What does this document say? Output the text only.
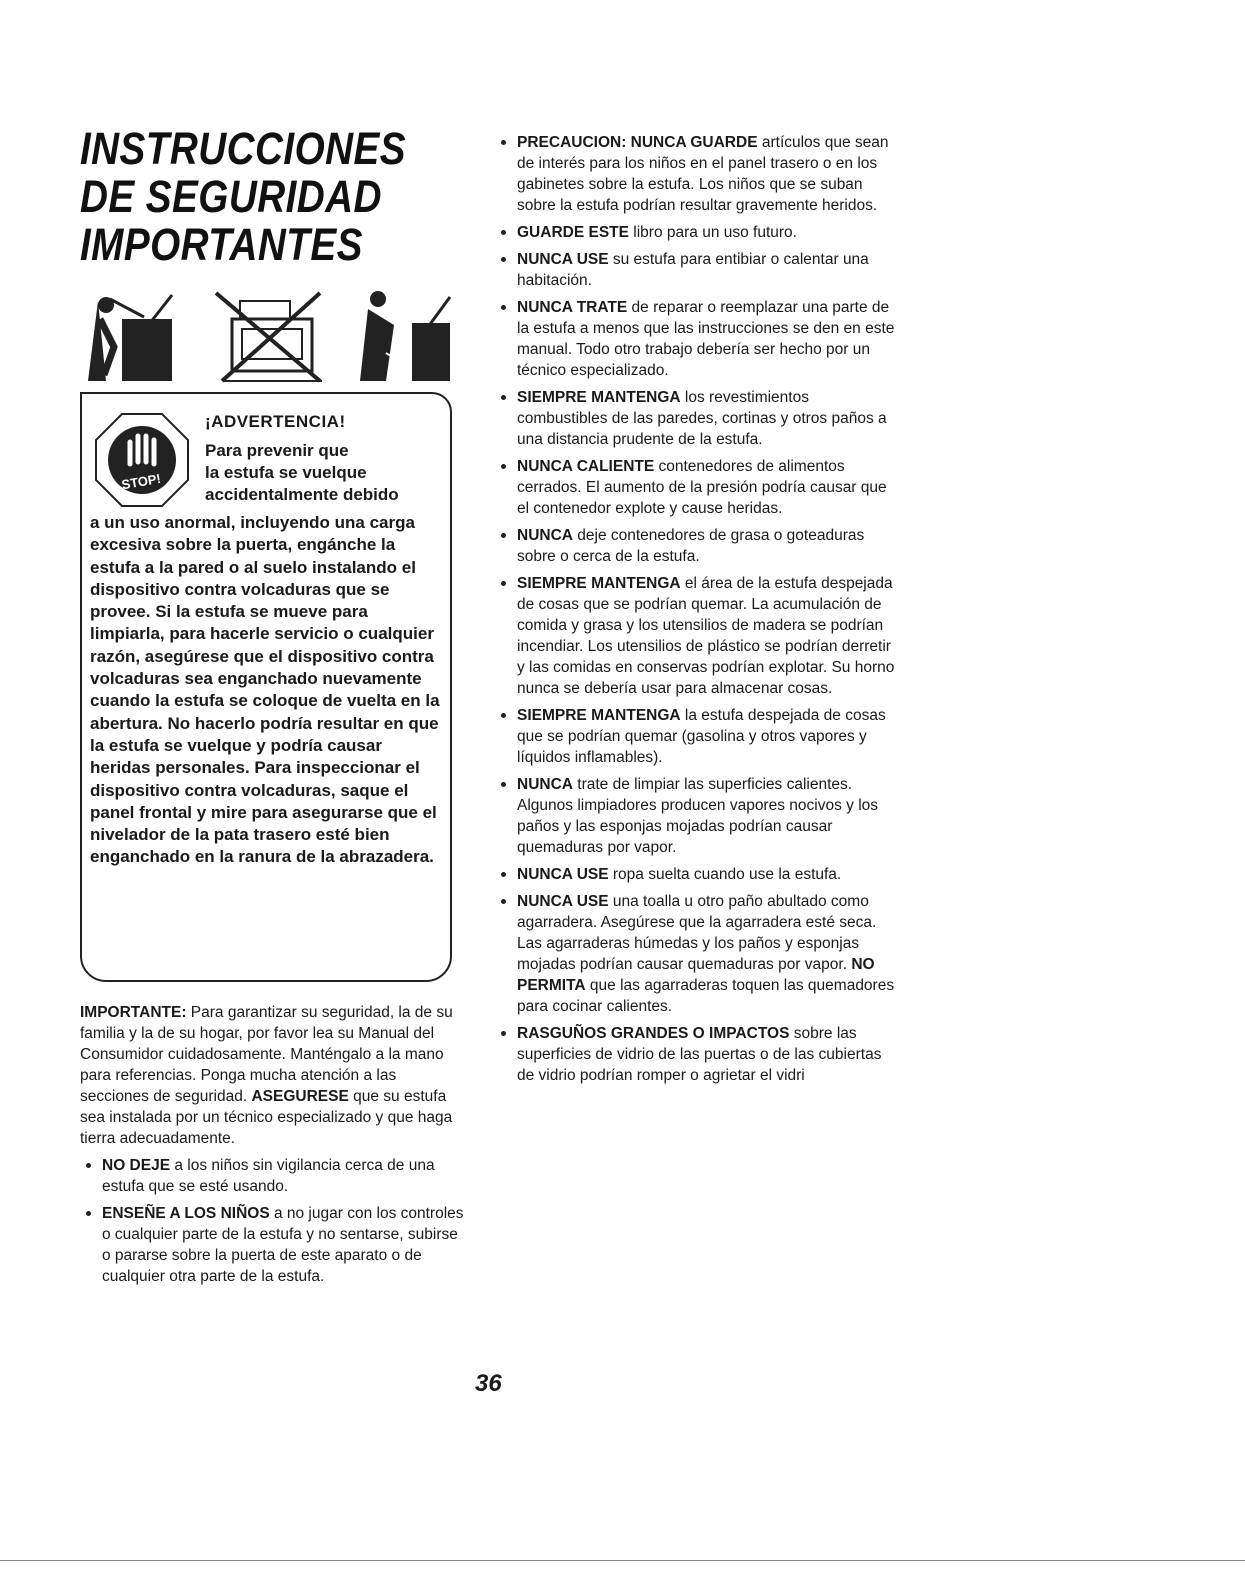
INSTRUCCIONES
DE SEGURIDAD
IMPORTANTES
STOP!
¡ADVERTENCIA!
Para prevenir que
la estufa se vuelque
accidentalmente debido

a un uso anormal, incluyendo una carga excesiva sobre la puerta, engánche la estufa a la pared o al suelo instalando el dispositivo contra volcaduras que se provee. Si la estufa se mueve para limpiarla, para hacerle servicio o cualquier razón, asegúrese que el dispositivo contra volcaduras sea enganchado nuevamente cuando la estufa se coloque de vuelta en la abertura. No hacerlo podría resultar en que la estufa se vuelque y podría causar heridas personales. Para inspeccionar el dispositivo contra volcaduras, saque el panel frontal y mire para asegurarse que el nivelador de la pata trasero esté bien enganchado en la ranura de la abrazadera.

IMPORTANTE: Para garantizar su seguridad, la de su familia y la de su hogar, por favor lea su Manual del Consumidor cuidadosamente. Manténgalo a la mano para referencias. Ponga mucha atención a las secciones de seguridad. ASEGURESE que su estufa sea instalada por un técnico especializado y que haga tierra adecuadamente.

NO DEJE a los niños sin vigilancia cerca de una estufa que se esté usando.
ENSEÑE A LOS NIÑOS a no jugar con los controles o cualquier parte de la estufa y no sentarse, subirse o pararse sobre la puerta de este aparato o de cualquier otra parte de la estufa.
PRECAUCION: NUNCA GUARDE artículos que sean de interés para los niños en el panel trasero o en los gabinetes sobre la estufa. Los niños que se suban sobre la estufa podrían resultar gravemente heridos.
GUARDE ESTE libro para un uso futuro.
NUNCA USE su estufa para entibiar o calentar una habitación.
NUNCA TRATE de reparar o reemplazar una parte de la estufa a menos que las instrucciones se den en este manual. Todo otro trabajo debería ser hecho por un técnico especializado.
SIEMPRE MANTENGA los revestimientos combustibles de las paredes, cortinas y otros paños a una distancia prudente de la estufa.
NUNCA CALIENTE contenedores de alimentos cerrados. El aumento de la presión podría causar que el contenedor explote y cause heridas.
NUNCA deje contenedores de grasa o goteaduras sobre o cerca de la estufa.
SIEMPRE MANTENGA el área de la estufa despejada de cosas que se podrían quemar. La acumulación de comida y grasa y los utensilios de madera se podrían incendiar. Los utensilios de plástico se podrían derretir y las comidas en conservas podrían explotar. Su horno nunca se debería usar para almacenar cosas.
SIEMPRE MANTENGA la estufa despejada de cosas que se podrían quemar (gasolina y otros vapores y líquidos inflamables).
NUNCA trate de limpiar las superficies calientes. Algunos limpiadores producen vapores nocivos y los paños y las esponjas mojadas podrían causar quemaduras por vapor.
NUNCA USE ropa suelta cuando use la estufa.
NUNCA USE una toalla u otro paño abultado como agarradera. Asegúrese que la agarradera esté seca. Las agarraderas húmedas y los paños y esponjas mojadas podrían causar quemaduras por vapor. NO PERMITA que las agarraderas toquen las quemadores para cocinar calientes.
RASGUÑOS GRANDES O IMPACTOS sobre las superficies de vidrio de las puertas o de las cubiertas de vidrio podrían romper o agrietar el vidri
36
